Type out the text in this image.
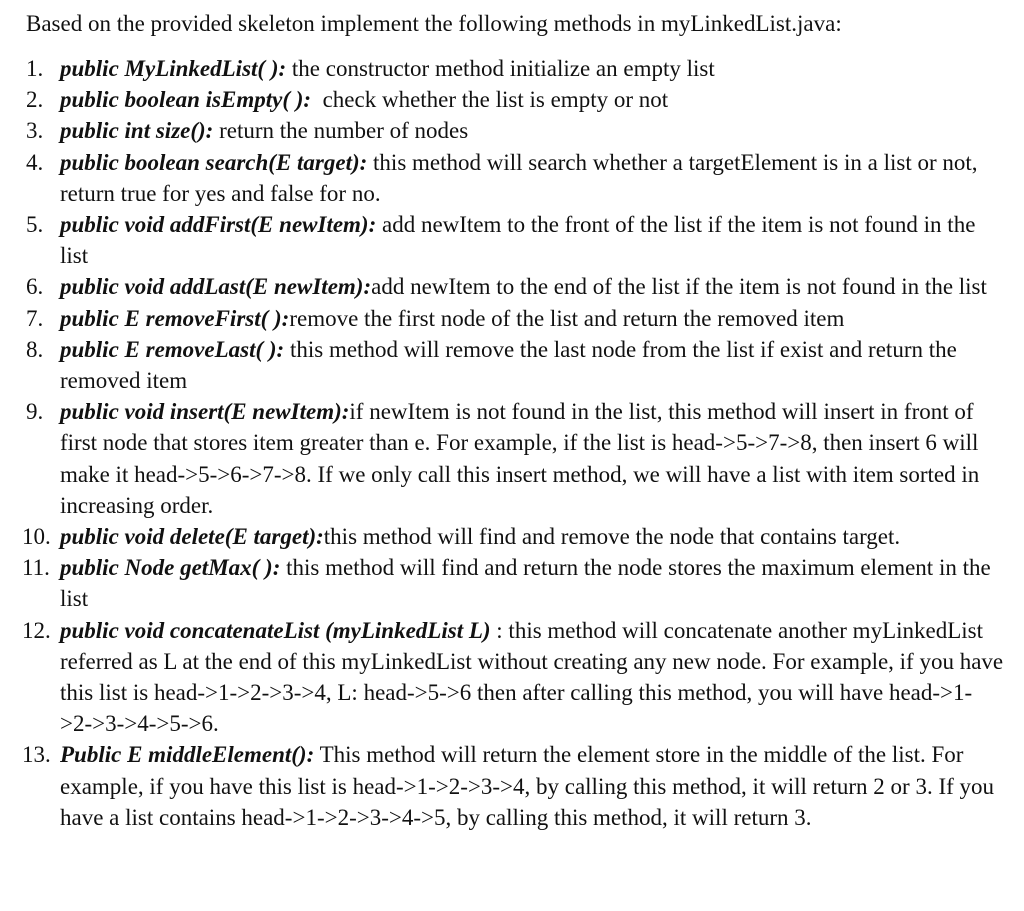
Based on the provided skeleton implement the following methods in myLinkedList.java:

1. public MyLinkedList( ): the constructor method initialize an empty list
2. public boolean isEmpty( ):  check whether the list is empty or not
3. public int size(): return the number of nodes
4. public boolean search(E target): this method will search whether a targetElement is in a list or not, return true for yes and false for no.
5. public void addFirst(E newItem): add newItem to the front of the list if the item is not found in the list
6. public void addLast(E newItem):add newItem to the end of the list if the item is not found in the list
7. public E removeFirst( ):remove the first node of the list and return the removed item
8. public E removeLast( ): this method will remove the last node from the list if exist and return the removed item
9. public void insert(E newItem):if newItem is not found in the list, this method will insert in front of first node that stores item greater than e. For example, if the list is head->5->7->8, then insert 6 will make it head->5->6->7->8. If we only call this insert method, we will have a list with item sorted in increasing order.
10. public void delete(E target):this method will find and remove the node that contains target.
11. public Node getMax( ): this method will find and return the node stores the maximum element in the list
12. public void concatenateList (myLinkedList L) : this method will concatenate another myLinkedList referred as L at the end of this myLinkedList without creating any new node. For example, if you have this list is head->1->2->3->4, L: head->5->6 then after calling this method, you will have head->1->2->3->4->5->6.
13. Public E middleElement(): This method will return the element store in the middle of the list. For example, if you have this list is head->1->2->3->4, by calling this method, it will return 2 or 3. If you have a list contains head->1->2->3->4->5, by calling this method, it will return 3.
